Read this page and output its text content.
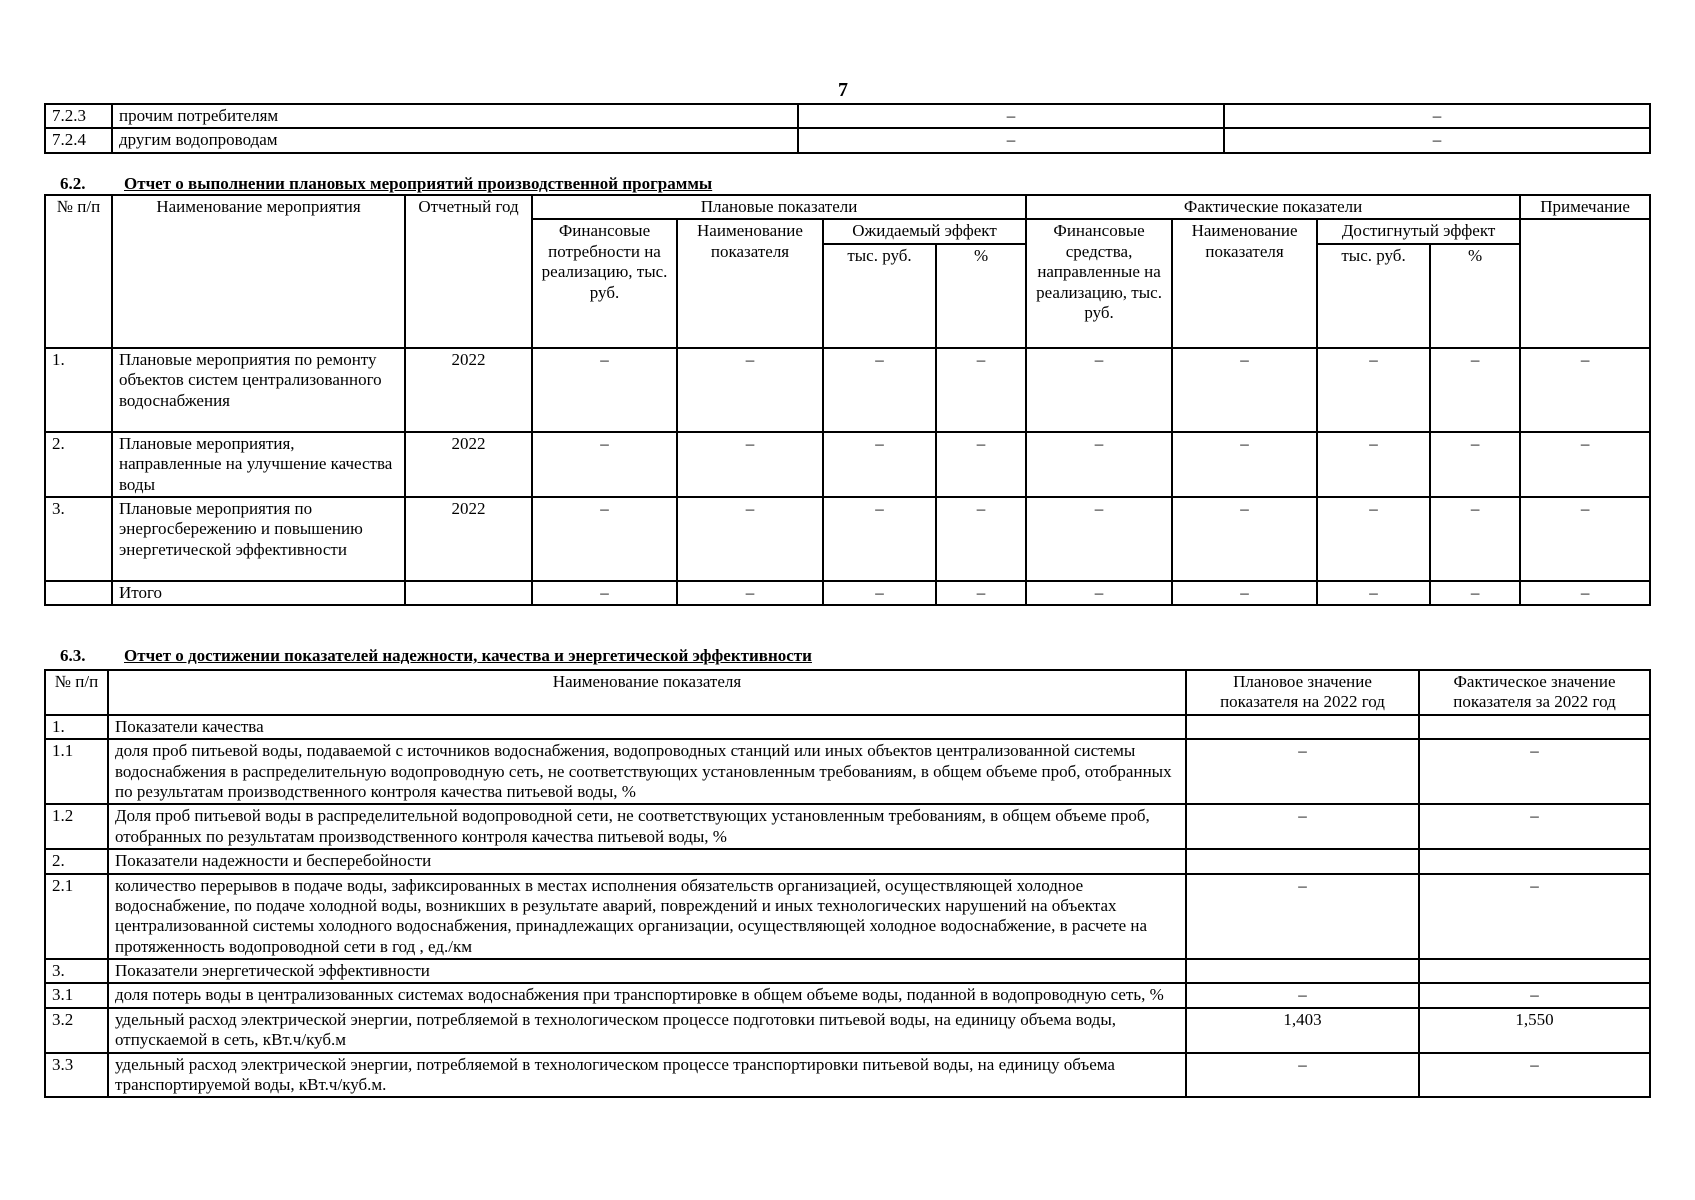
7
7.2.3	прочим потребителям	–	–
7.2.4	другим водопроводам	–	–
6.2. Отчет о выполнении плановых мероприятий производственной программы
№ п/п	Наименование мероприятия	Отчетный год	Плановые показатели				Фактические показатели				Примечание
			Финансовые потребности на реализацию, тыс. руб.	Наименование показателя	Ожидаемый эффект		Финансовые средства, направленные на реализацию, тыс. руб.	Наименование показателя	Достигнутый эффект		
					тыс. руб.	%			тыс. руб.	%	
1.	Плановые мероприятия по ремонту объектов систем централизованного водоснабжения	2022	–	–	–	–	–	–	–	–	–
2.	Плановые мероприятия, направленные на улучшение качества воды	2022	–	–	–	–	–	–	–	–	–
3.	Плановые мероприятия по энергосбережению и повышению энергетической эффективности	2022	–	–	–	–	–	–	–	–	–
	Итого		–	–	–	–	–	–	–	–	–
6.3. Отчет о достижении показателей надежности, качества и энергетической эффективности
№ п/п	Наименование показателя	Плановое значение показателя на 2022 год	Фактическое значение показателя за 2022 год
1.	Показатели качества		
1.1	доля проб питьевой воды, подаваемой с источников водоснабжения, водопроводных станций или иных объектов централизованной системы водоснабжения в распределительную водопроводную сеть, не соответствующих установленным требованиям, в общем объеме проб, отобранных по результатам производственного контроля качества питьевой воды, %	–	–
1.2	Доля проб питьевой воды в распределительной водопроводной сети, не соответствующих установленным требованиям, в общем объеме проб, отобранных по результатам производственного контроля качества питьевой воды, %	–	–
2.	Показатели надежности и бесперебойности		
2.1	количество перерывов в подаче воды, зафиксированных в местах исполнения обязательств организацией, осуществляющей холодное водоснабжение, по подаче холодной воды, возникших в результате аварий, повреждений и иных технологических нарушений на объектах централизованной системы холодного водоснабжения, принадлежащих организации, осуществляющей холодное водоснабжение, в расчете на протяженность водопроводной сети в год , ед./км	–	–
3.	Показатели энергетической эффективности		
3.1	доля потерь воды в централизованных системах водоснабжения при транспортировке в общем объеме воды, поданной в водопроводную сеть, %	–	–
3.2	удельный расход электрической энергии, потребляемой в технологическом процессе подготовки питьевой воды, на единицу объема воды, отпускаемой в сеть, кВт.ч/куб.м	1,403	1,550
3.3	удельный расход электрической энергии, потребляемой в технологическом процессе транспортировки питьевой воды, на единицу объема транспортируемой воды, кВт.ч/куб.м.	–	–
